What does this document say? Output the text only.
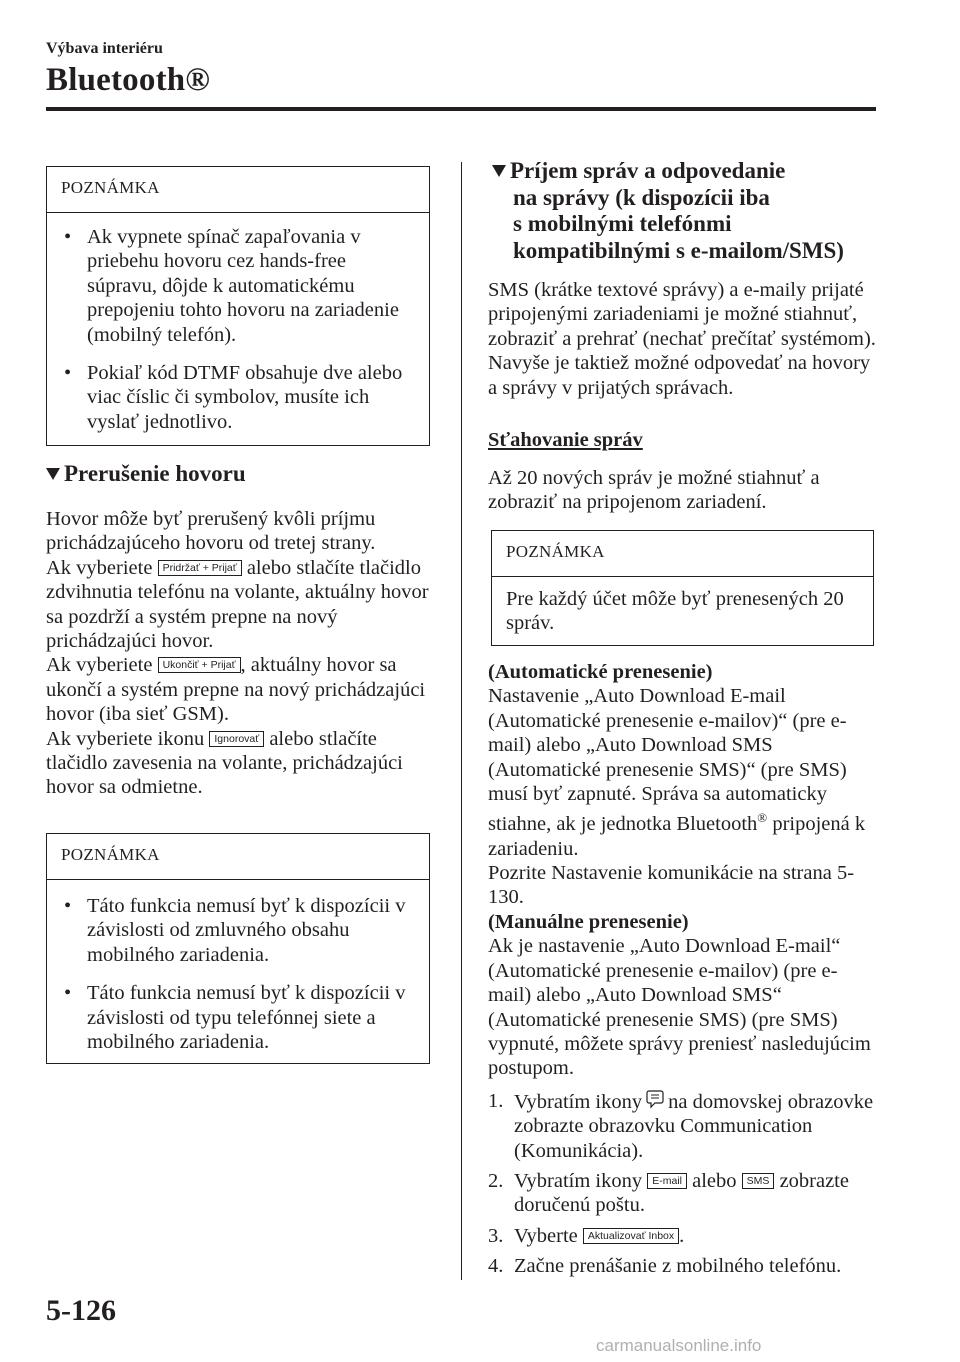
Výbava interiéru
Bluetooth®
POZNÁMKA
• Ak vypnete spínač zapaľovania v priebehu hovoru cez hands-free súpravu, dôjde k automatickému prepojeniu tohto hovoru na zariadenie (mobilný telefón).
• Pokiaľ kód DTMF obsahuje dve alebo viac číslic či symbolov, musíte ich vyslať jednotlivo.
Prerušenie hovoru

Hovor môže byť prerušený kvôli príjmu prichádzajúceho hovoru od tretej strany.

Ak vyberiete Pridržať + Prijať alebo stlačíte tlačidlo zdvihnutia telefónu na volante, aktuálny hovor sa pozdrží a systém prepne na nový prichádzajúci hovor.

Ak vyberiete Ukončiť + Prijať , aktuálny hovor sa ukončí a systém prepne na nový prichádzajúci hovor (iba sieť GSM).

Ak vyberiete ikonu Ignorovať alebo stlačíte tlačidlo zavesenia na volante, prichádzajúci hovor sa odmietne.

POZNÁMKA
• Táto funkcia nemusí byť k dispozícii v závislosti od zmluvného obsahu mobilného zariadenia.
• Táto funkcia nemusí byť k dispozícii v závislosti od typu telefónnej siete a mobilného zariadenia.
Príjem správ a odpovedanie
na správy (k dispozícii iba
s mobilnými telefónmi
kompatibilnými s e-mailom/SMS)

SMS (krátke textové správy) a e-maily prijaté pripojenými zariadeniami je možné stiahnuť, zobraziť a prehrať (nechať prečítať systémom).

Navyše je taktiež možné odpovedať na hovory a správy v prijatých správach.

Sťahovanie správ

Až 20 nových správ je možné stiahnuť a zobraziť na pripojenom zariadení.

POZNÁMKA

Pre každý účet môže byť prenesených 20 správ.

(Automatické prenesenie)

Nastavenie „Auto Download E-mail (Automatické prenesenie e-mailov)“ (pre e-mail) alebo „Auto Download SMS (Automatické prenesenie SMS)“ (pre SMS) musí byť zapnuté. Správa sa automaticky stiahne, ak je jednotka Bluetooth® pripojená k zariadeniu.

Pozrite Nastavenie komunikácie na strana 5-130.

(Manuálne prenesenie)

Ak je nastavenie „Auto Download E-mail“ (Automatické prenesenie e-mailov) (pre e-mail) alebo „Auto Download SMS“ (Automatické prenesenie SMS) (pre SMS) vypnuté, môžete správy preniesť nasledujúcim postupom.

1. Vybratím ikony na domovskej obrazovke zobrazte obrazovku Communication (Komunikácia).
2. Vybratím ikony E-mail alebo SMS zobrazte doručenú poštu.
3. Vyberte Aktualizovať Inbox .
4. Začne prenášanie z mobilného telefónu.
5-126
carmanualsonline.info
